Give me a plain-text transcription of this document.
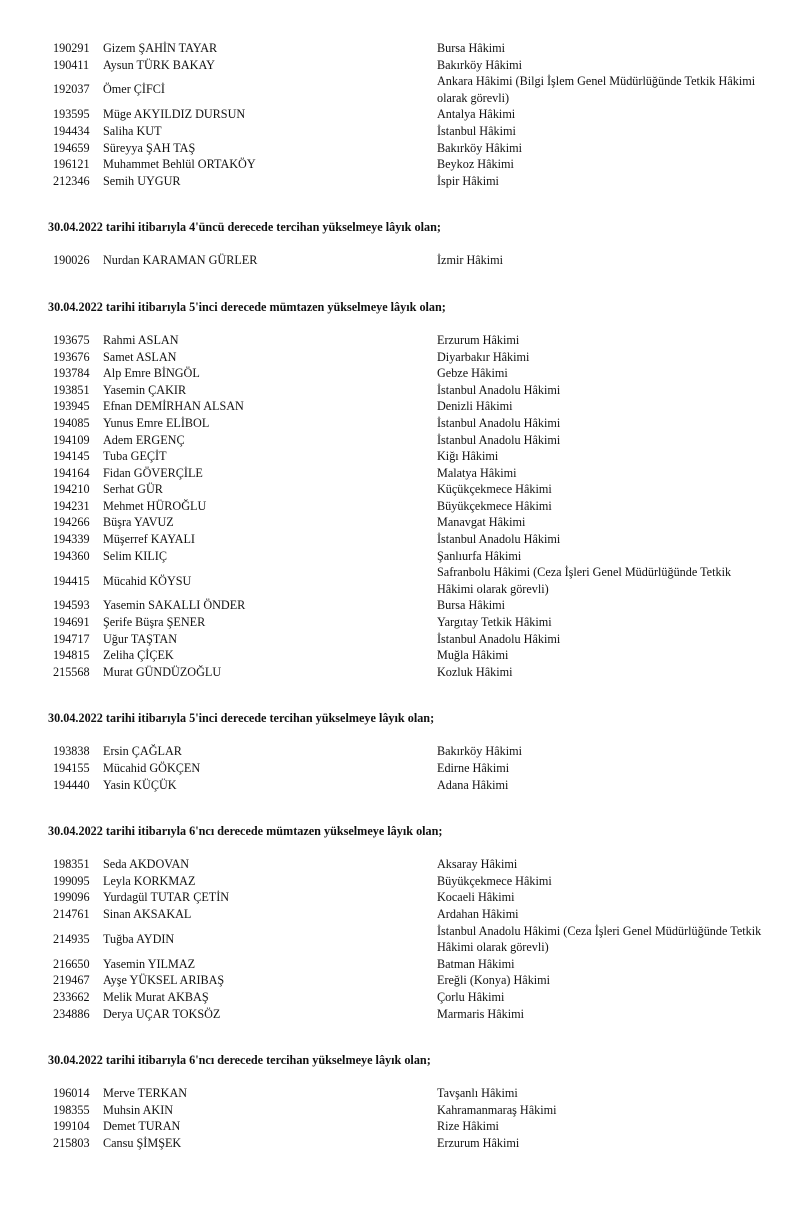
190291	Gizem ŞAHİN TAYAR	Bursa Hâkimi
190411	Aysun TÜRK BAKAY	Bakırköy Hâkimi
192037	Ömer ÇİFCİ
Ankara Hâkimi (Bilgi İşlem Genel Müdürlüğünde Tetkik Hâkimi olarak görevli)
193595	Müge AKYILDIZ DURSUN	Antalya Hâkimi
194434	Saliha KUT	İstanbul Hâkimi
194659	Süreyya ŞAH TAŞ	Bakırköy Hâkimi
196121	Muhammet Behlül ORTAKÖY	Beykoz Hâkimi
212346	Semih UYGUR	İspir Hâkimi
30.04.2022 tarihi itibarıyla 4'üncü derecede tercihan yükselmeye lâyık olan;
190026	Nurdan KARAMAN GÜRLER	İzmir Hâkimi
30.04.2022 tarihi itibarıyla 5'inci derecede mümtazen yükselmeye lâyık olan;
193675	Rahmi ASLAN	Erzurum Hâkimi
193676	Samet ASLAN	Diyarbakır Hâkimi
193784	Alp Emre BİNGÖL	Gebze Hâkimi
193851	Yasemin ÇAKIR	İstanbul Anadolu Hâkimi
193945	Efnan DEMİRHAN ALSAN	Denizli Hâkimi
194085	Yunus Emre ELİBOL	İstanbul Anadolu Hâkimi
194109	Adem ERGENÇ	İstanbul Anadolu Hâkimi
194145	Tuba GEÇİT	Kiğı Hâkimi
194164	Fidan GÖVERÇİLE	Malatya Hâkimi
194210	Serhat GÜR	Küçükçekmece Hâkimi
194231	Mehmet HÜROĞLU	Büyükçekmece Hâkimi
194266	Büşra YAVUZ	Manavgat Hâkimi
194339	Müşerref KAYALI	İstanbul Anadolu Hâkimi
194360	Selim KILIÇ	Şanlıurfa Hâkimi
194415	Mücahid KÖYSU
Safranbolu Hâkimi (Ceza İşleri Genel Müdürlüğünde Tetkik Hâkimi olarak görevli)
194593	Yasemin SAKALLI ÖNDER	Bursa Hâkimi
194691	Şerife Büşra ŞENER	Yargıtay Tetkik Hâkimi
194717	Uğur TAŞTAN	İstanbul Anadolu Hâkimi
194815	Zeliha ÇİÇEK	Muğla Hâkimi
215568	Murat GÜNDÜZOĞLU	Kozluk Hâkimi
30.04.2022 tarihi itibarıyla 5'inci derecede tercihan yükselmeye lâyık olan;
193838	Ersin ÇAĞLAR	Bakırköy Hâkimi
194155	Mücahid GÖKÇEN	Edirne Hâkimi
194440	Yasin KÜÇÜK	Adana Hâkimi
30.04.2022 tarihi itibarıyla 6'ncı derecede mümtazen yükselmeye lâyık olan;
198351	Seda AKDOVAN	Aksaray Hâkimi
199095	Leyla KORKMAZ	Büyükçekmece Hâkimi
199096	Yurdagül TUTAR ÇETİN	Kocaeli Hâkimi
214761	Sinan AKSAKAL	Ardahan Hâkimi
214935	Tuğba AYDIN
İstanbul Anadolu Hâkimi (Ceza İşleri Genel Müdürlüğünde Tetkik Hâkimi olarak görevli)
216650	Yasemin YILMAZ	Batman Hâkimi
219467	Ayşe YÜKSEL ARIBAŞ	Ereğli (Konya) Hâkimi
233662	Melik Murat AKBAŞ	Çorlu Hâkimi
234886	Derya UÇAR TOKSÖZ	Marmaris Hâkimi
30.04.2022 tarihi itibarıyla 6'ncı derecede tercihan yükselmeye lâyık olan;
196014	Merve TERKAN	Tavşanlı Hâkimi
198355	Muhsin AKIN	Kahramanmaraş Hâkimi
199104	Demet TURAN	Rize Hâkimi
215803	Cansu ŞİMŞEK	Erzurum Hâkimi
